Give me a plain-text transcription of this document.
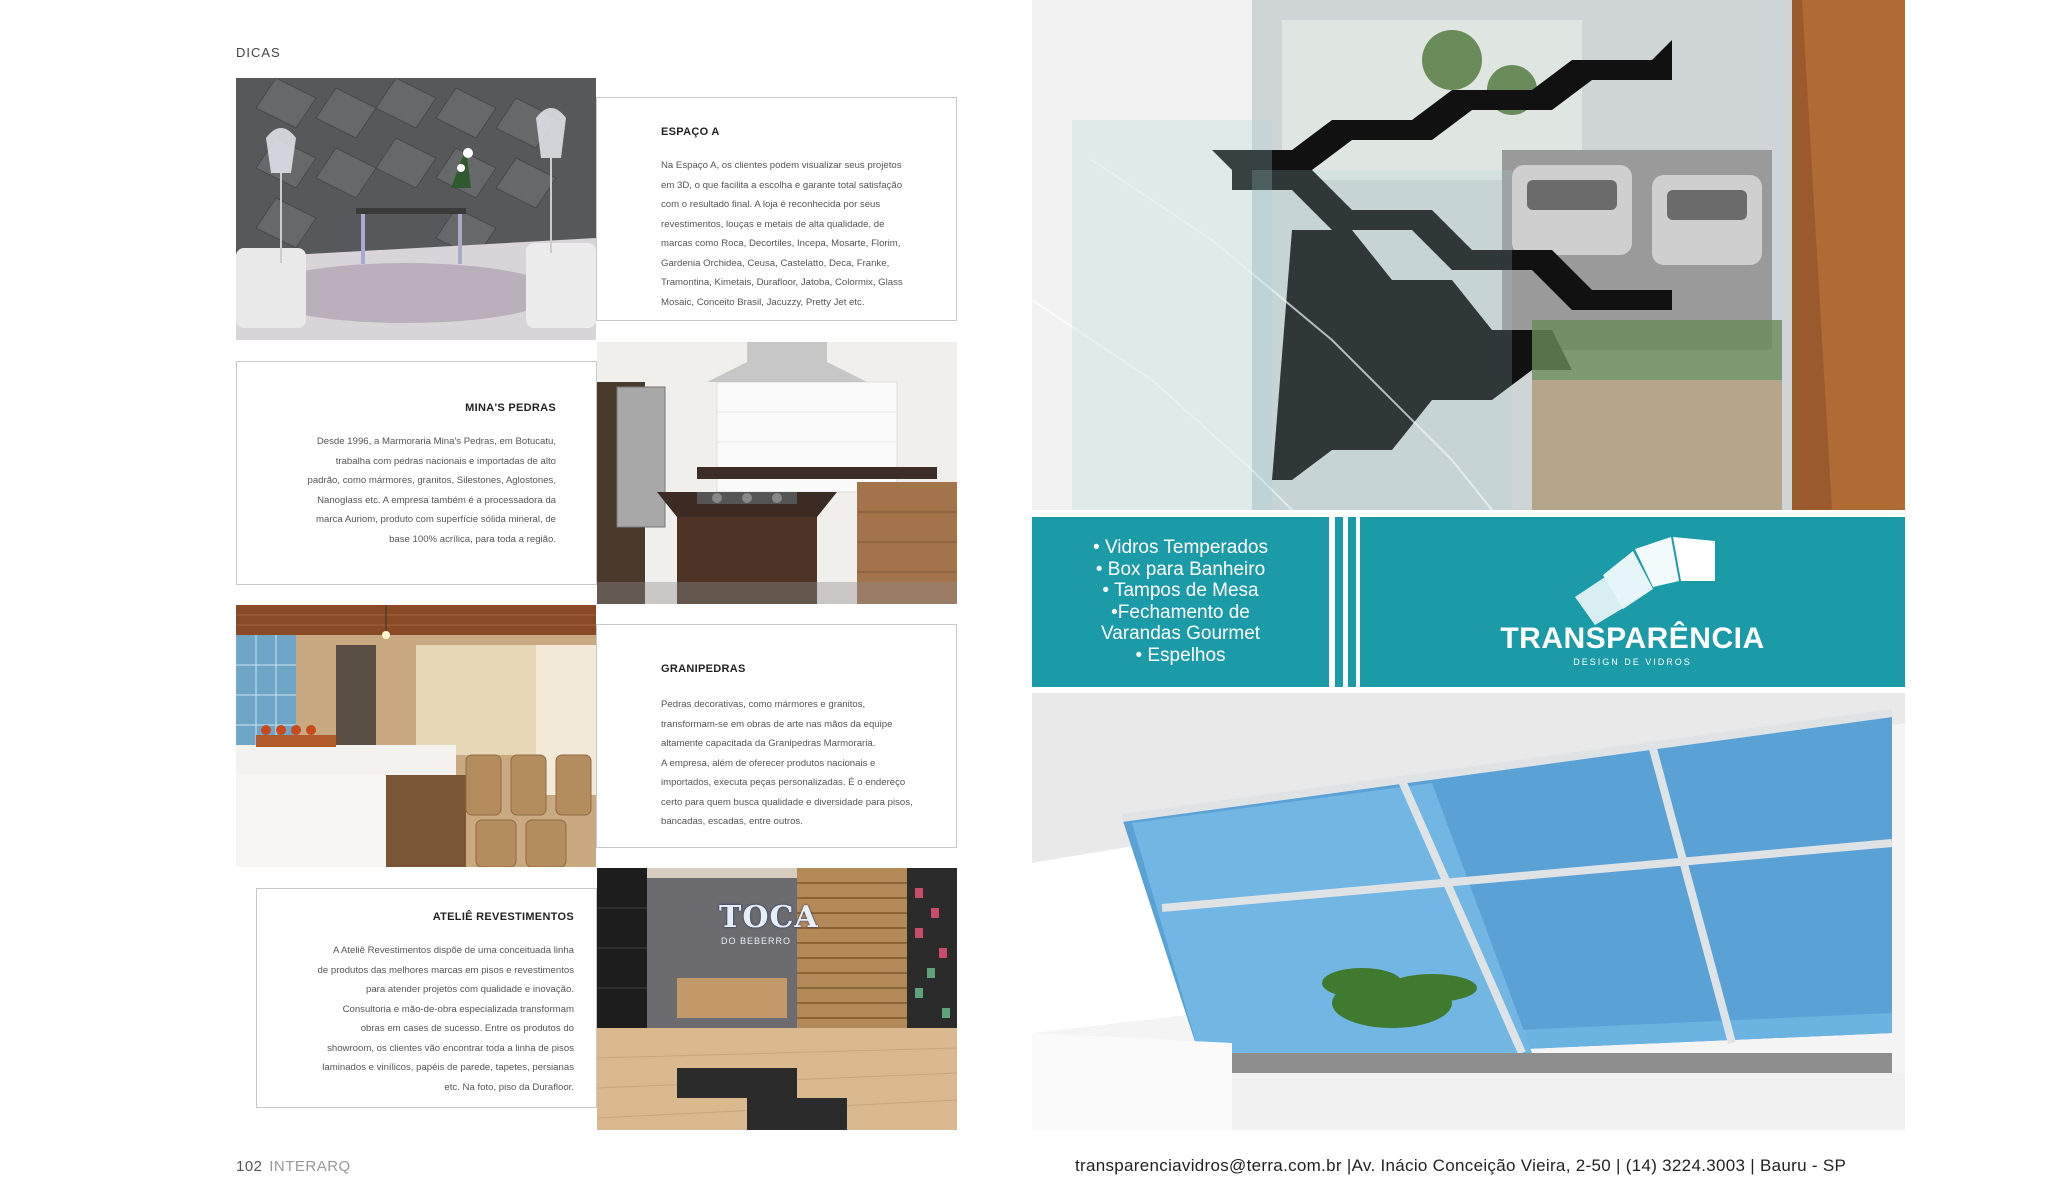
DICAS
ESPAÇO A

Na Espaço A, os clientes podem visualizar seus projetos
em 3D, o que facilita a escolha e garante total satisfação
com o resultado final. A loja é reconhecida por seus
revestimentos, louças e metais de alta qualidade, de
marcas como Roca, Decortiles, Incepa, Mosarte, Florim,
Gardenia Orchidea, Ceusa, Castelatto, Deca, Franke,
Tramontina, Kimetais, Durafloor, Jatoba, Colormix, Glass
Mosaic, Conceito Brasil, Jacuzzy, Pretty Jet etc.

MINA'S PEDRAS

Desde 1996, a Marmoraria Mina's Pedras, em Botucatu,
trabalha com pedras nacionais e importadas de alto
padrão, como mármores, granitos, Silestones, Aglostones,
Nanoglass etc. A empresa também é a processadora da
marca Auriom, produto com superfície sólida mineral, de
base 100% acrílica, para toda a região.

GRANIPEDRAS

Pedras decorativas, como mármores e granitos,
transformam-se em obras de arte nas mãos da equipe
altamente capacitada da Granipedras Marmoraria.
A empresa, além de oferecer produtos nacionais e
importados, executa peças personalizadas. É o endereço
certo para quem busca qualidade e diversidade para pisos,
bancadas, escadas, entre outros.

ATELIÊ REVESTIMENTOS

A Ateliê Revestimentos dispõe de uma conceituada linha
de produtos das melhores marcas em pisos e revestimentos
para atender projetos com qualidade e inovação.
Consultoria e mão-de-obra especializada transformam
obras em cases de sucesso. Entre os produtos do
showroom, os clientes vão encontrar toda a linha de pisos
laminados e vinílicos, papéis de parede, tapetes, persianas
etc. Na foto, piso da Durafloor.

TOCA
DO BEBERRO
• Vidros Temperados
• Box para Banheiro
• Tampos de Mesa
•Fechamento de
Varandas Gourmet
• Espelhos	TRANSPARÊNCIA
DESIGN DE VIDROS
102 INTERARQ	transparenciavidros@terra.com.br |Av. Inácio Conceição Vieira, 2-50 | (14) 3224.3003 | Bauru - SP
